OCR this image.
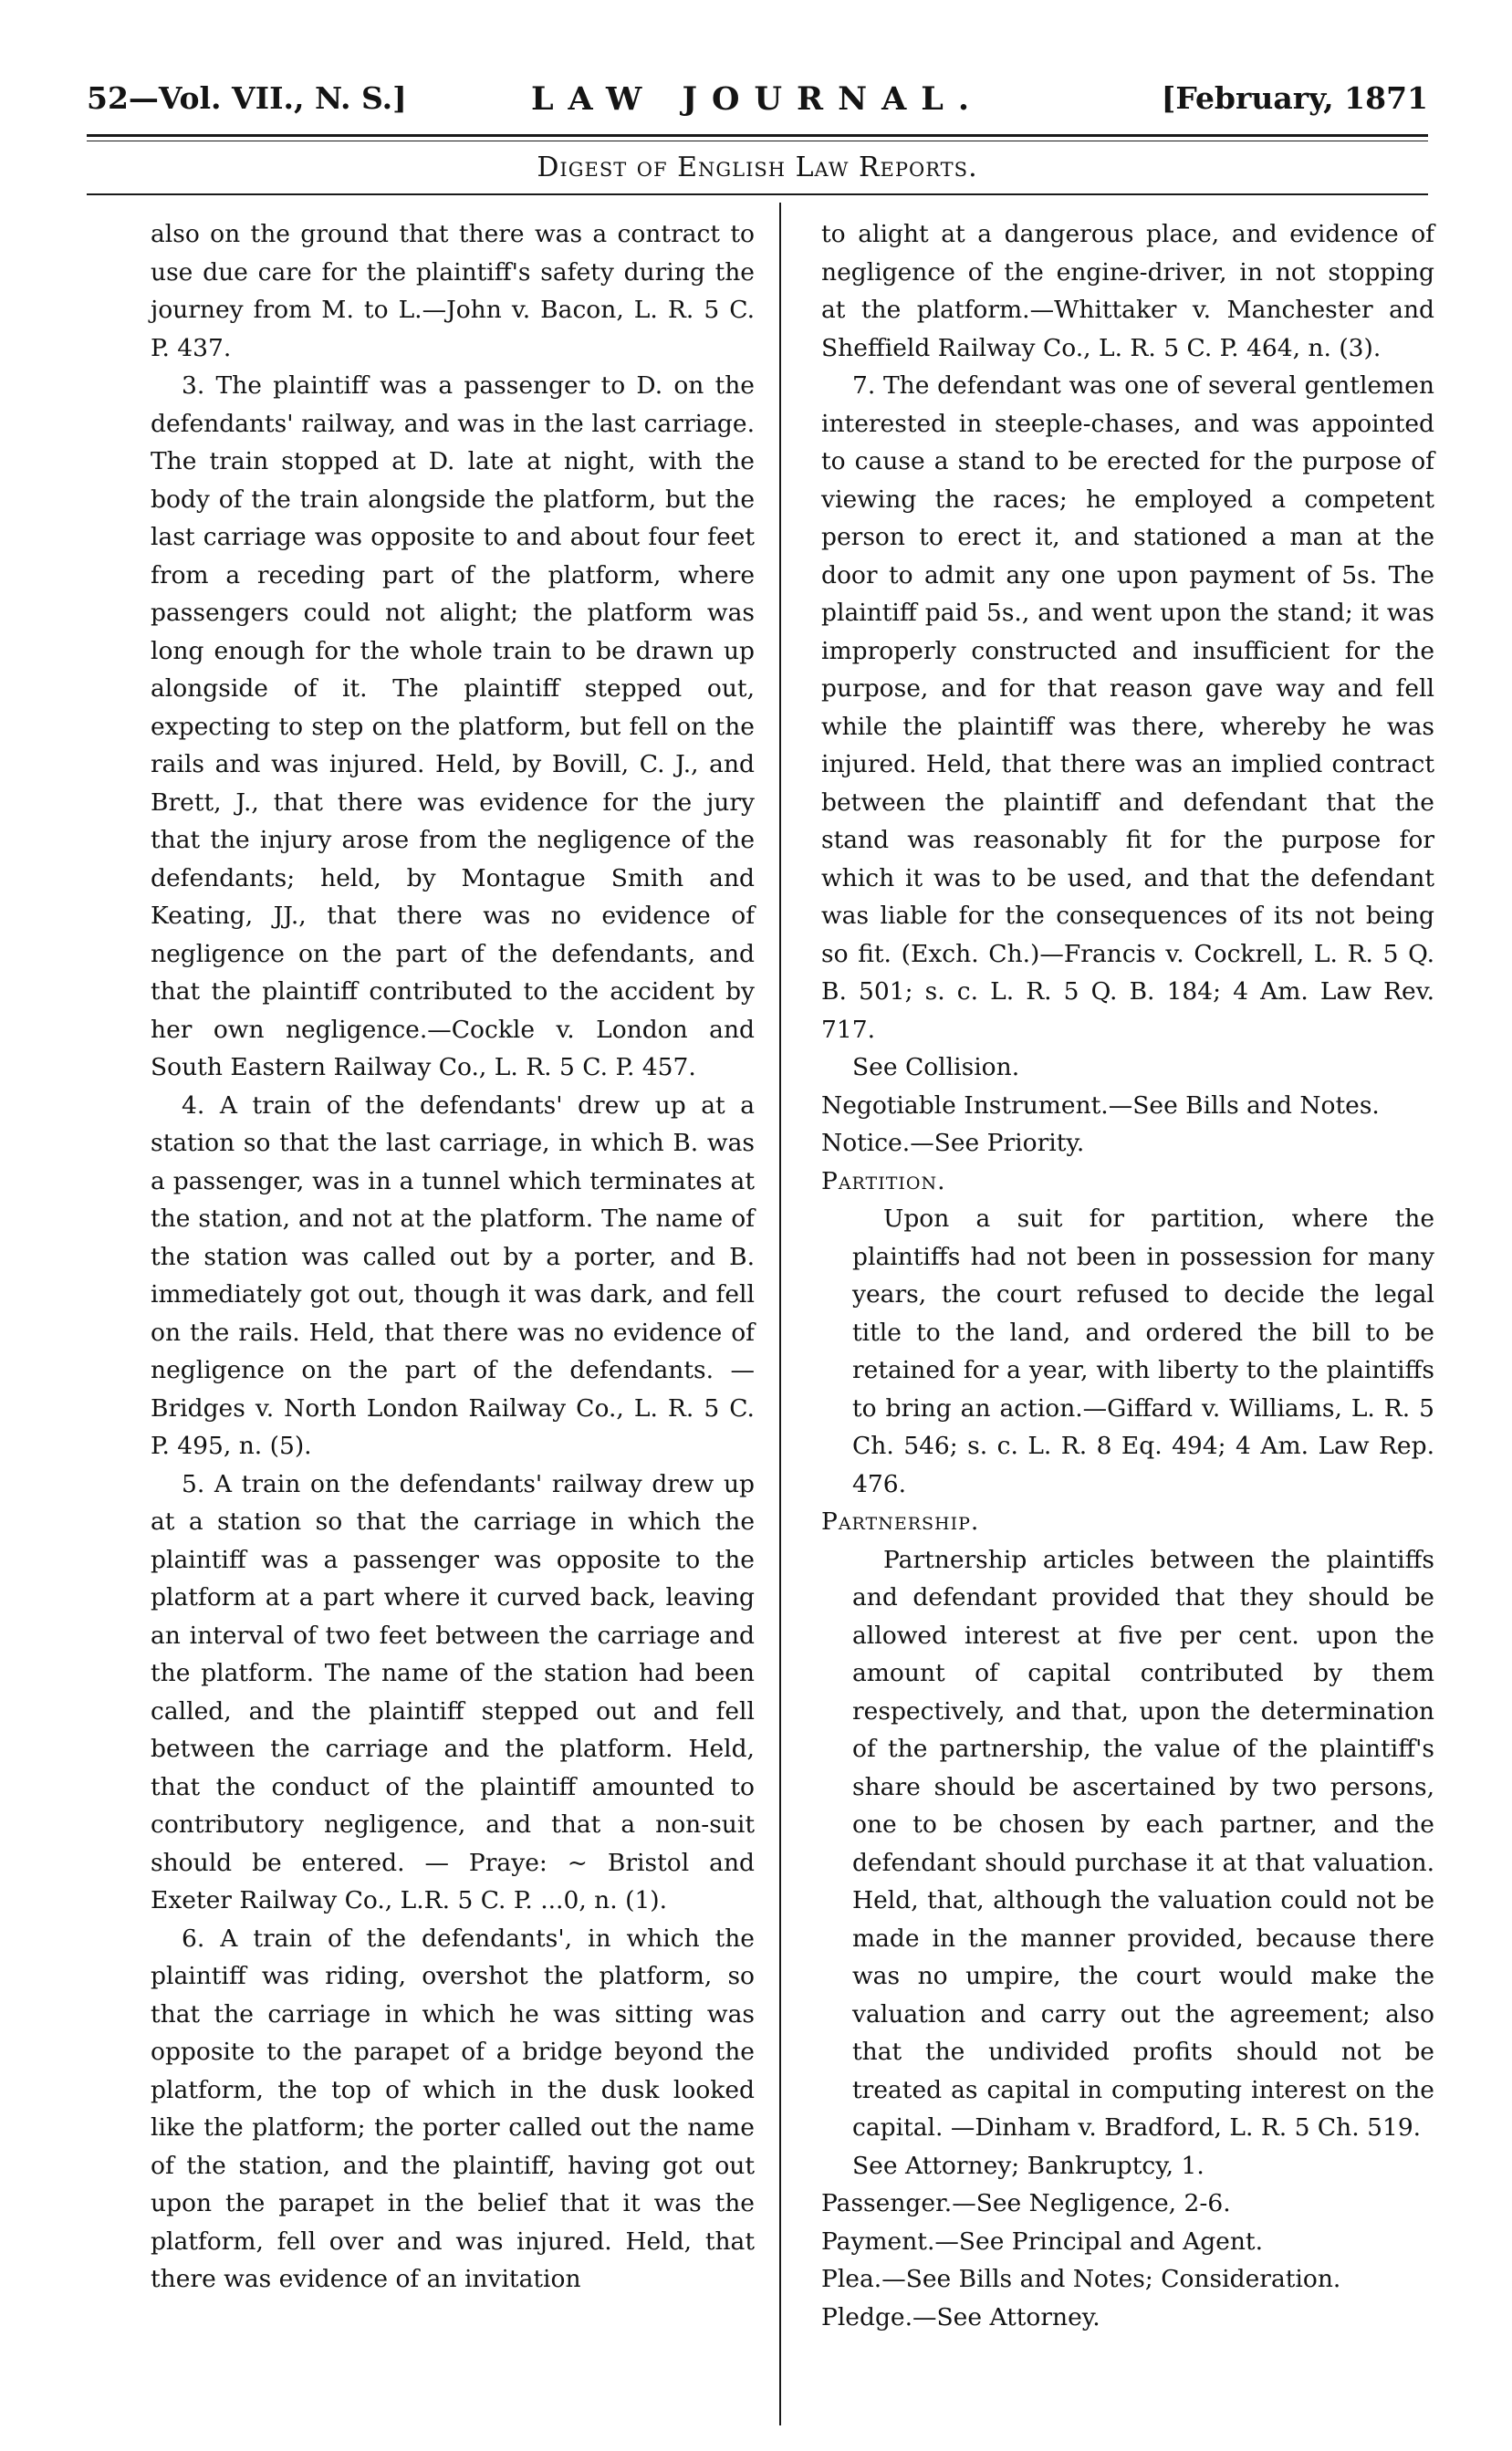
52—Vol. VII., N. S.]	LAW JOURNAL.	[February, 1871
Digest of English Law Reports.

also on the ground that there was a contract to use due care for the plaintiff's safety during the journey from M. to L.—John v. Bacon, L. R. 5 C. P. 437.

3. The plaintiff was a passenger to D. on the defendants' railway, and was in the last carriage. The train stopped at D. late at night, with the body of the train alongside the platform, but the last carriage was opposite to and about four feet from a receding part of the platform, where passengers could not alight; the platform was long enough for the whole train to be drawn up alongside of it. The plaintiff stepped out, expecting to step on the platform, but fell on the rails and was injured. Held, by Bovill, C. J., and Brett, J., that there was evidence for the jury that the injury arose from the negligence of the defendants; held, by Montague Smith and Keating, JJ., that there was no evidence of negligence on the part of the defendants, and that the plaintiff contributed to the accident by her own negligence.—Cockle v. London and South Eastern Railway Co., L. R. 5 C. P. 457.

4. A train of the defendants' drew up at a station so that the last carriage, in which B. was a passenger, was in a tunnel which terminates at the station, and not at the platform. The name of the station was called out by a porter, and B. immediately got out, though it was dark, and fell on the rails. Held, that there was no evidence of negligence on the part of the defendants. — Bridges v. North London Railway Co., L. R. 5 C. P. 495, n. (5).

5. A train on the defendants' railway drew up at a station so that the carriage in which the plaintiff was a passenger was opposite to the platform at a part where it curved back, leaving an interval of two feet between the carriage and the platform. The name of the station had been called, and the plaintiff stepped out and fell between the carriage and the platform. Held, that the conduct of the plaintiff amounted to contributory negligence, and that a non-suit should be entered. — Praye: ~ Bristol and Exeter Railway Co., L.R. 5 C. P. ...0, n. (1).

6. A train of the defendants', in which the plaintiff was riding, overshot the platform, so that the carriage in which he was sitting was opposite to the parapet of a bridge beyond the platform, the top of which in the dusk looked like the platform; the porter called out the name of the station, and the plaintiff, having got out upon the parapet in the belief that it was the platform, fell over and was injured. Held, that there was evidence of an invitation

to alight at a dangerous place, and evidence of negligence of the engine-driver, in not stopping at the platform.—Whittaker v. Manchester and Sheffield Railway Co., L. R. 5 C. P. 464, n. (3).

7. The defendant was one of several gentlemen interested in steeple-chases, and was appointed to cause a stand to be erected for the purpose of viewing the races; he employed a competent person to erect it, and stationed a man at the door to admit any one upon payment of 5s. The plaintiff paid 5s., and went upon the stand; it was improperly constructed and insufficient for the purpose, and for that reason gave way and fell while the plaintiff was there, whereby he was injured. Held, that there was an implied contract between the plaintiff and defendant that the stand was reasonably fit for the purpose for which it was to be used, and that the defendant was liable for the consequences of its not being so fit. (Exch. Ch.)—Francis v. Cockrell, L. R. 5 Q. B. 501; s. c. L. R. 5 Q. B. 184; 4 Am. Law Rev. 717.

See Collision.

Negotiable Instrument.—See Bills and Notes.

Notice.—See Priority.

Partition.

Upon a suit for partition, where the plaintiffs had not been in possession for many years, the court refused to decide the legal title to the land, and ordered the bill to be retained for a year, with liberty to the plaintiffs to bring an action.—Giffard v. Williams, L. R. 5 Ch. 546; s. c. L. R. 8 Eq. 494; 4 Am. Law Rep. 476.

Partnership.

Partnership articles between the plaintiffs and defendant provided that they should be allowed interest at five per cent. upon the amount of capital contributed by them respectively, and that, upon the determination of the partnership, the value of the plaintiff's share should be ascertained by two persons, one to be chosen by each partner, and the defendant should purchase it at that valuation. Held, that, although the valuation could not be made in the manner provided, because there was no umpire, the court would make the valuation and carry out the agreement; also that the undivided profits should not be treated as capital in computing interest on the capital. —Dinham v. Bradford, L. R. 5 Ch. 519.

See Attorney; Bankruptcy, 1.

Passenger.—See Negligence, 2-6.

Payment.—See Principal and Agent.

Plea.—See Bills and Notes; Consideration.

Pledge.—See Attorney.
